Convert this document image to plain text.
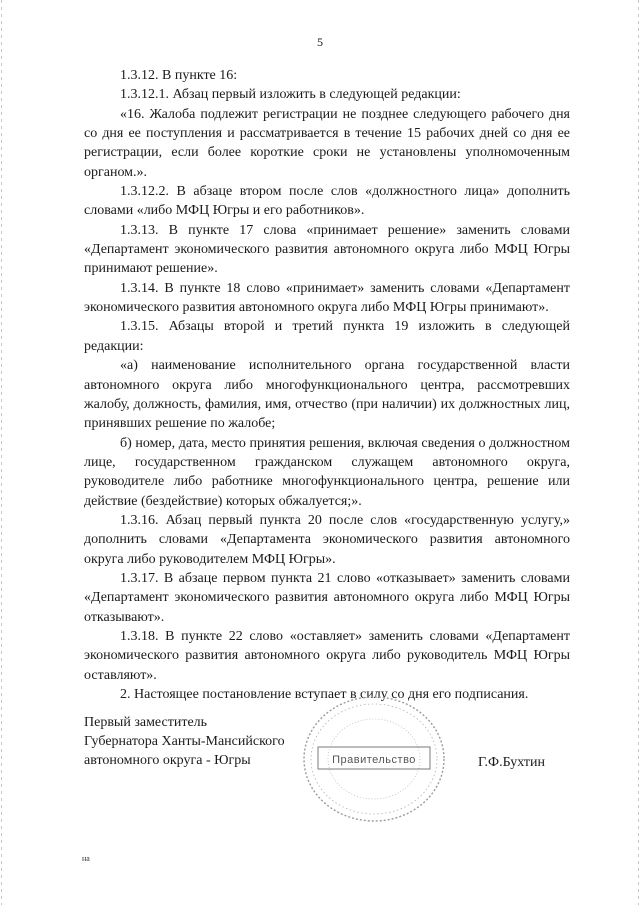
5

1.3.12. В пункте 16:

1.3.12.1. Абзац первый изложить в следующей редакции:

«16. Жалоба подлежит регистрации не позднее следующего рабочего дня со дня ее поступления и рассматривается в течение 15 рабочих дней со дня ее регистрации, если более короткие сроки не установлены уполномоченным органом.».

1.3.12.2. В абзаце втором после слов «должностного лица» дополнить словами «либо МФЦ Югры и его работников».

1.3.13. В пункте 17 слова «принимает решение» заменить словами «Департамент экономического развития автономного округа либо МФЦ Югры принимают решение».

1.3.14. В пункте 18 слово «принимает» заменить словами «Департамент экономического развития автономного округа либо МФЦ Югры принимают».

1.3.15. Абзацы второй и третий пункта 19 изложить в следующей редакции:

«а) наименование исполнительного органа государственной власти автономного округа либо многофункционального центра, рассмотревших жалобу, должность, фамилия, имя, отчество (при наличии) их должностных лиц, принявших решение по жалобе;

б) номер, дата, место принятия решения, включая сведения о должностном лице, государственном гражданском служащем автономного округа, руководителе либо работнике многофункционального центра, решение или действие (бездействие) которых обжалуется;».

1.3.16. Абзац первый пункта 20 после слов «государственную услугу,» дополнить словами «Департамента экономического развития автономного округа либо руководителем МФЦ Югры».

1.3.17. В абзаце первом пункта 21 слово «отказывает» заменить словами «Департамент экономического развития автономного округа либо МФЦ Югры отказывают».

1.3.18. В пункте 22 слово «оставляет» заменить словами «Департамент экономического развития автономного округа либо руководитель МФЦ Югры оставляют».

2. Настоящее постановление вступает в силу со дня его подписания.

Первый заместитель
Губернатора Ханты-Мансийского
автономного округа - Югры	Правительство	Г.Ф.Бухтин
на
